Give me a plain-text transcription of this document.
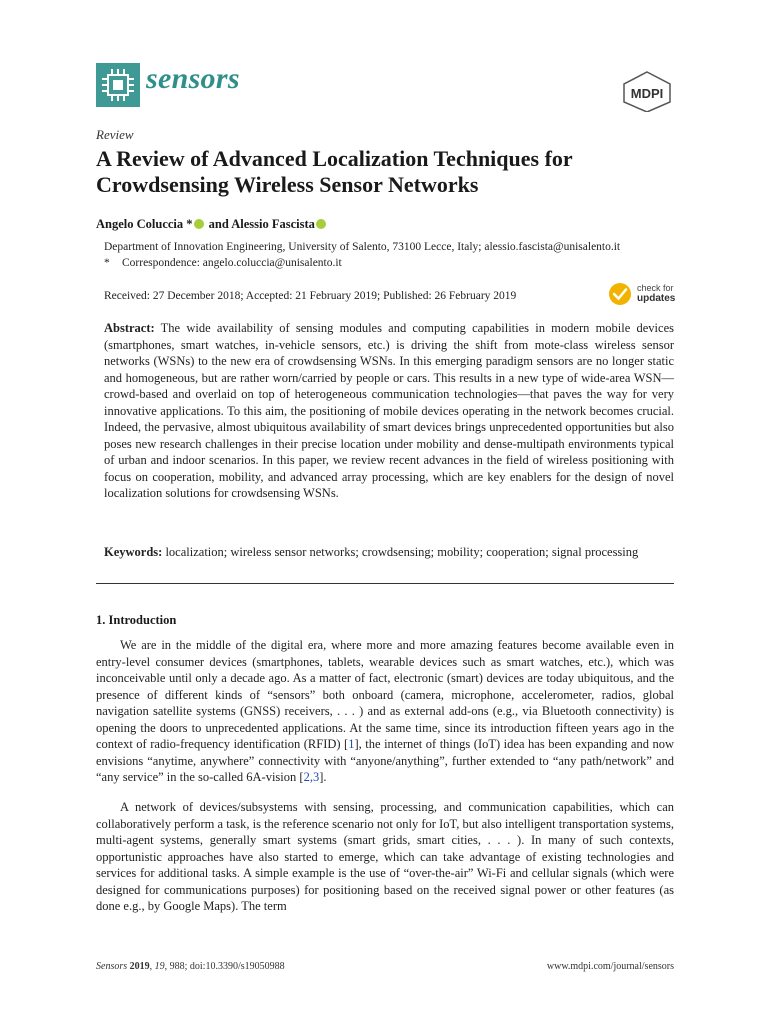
sensors	MDPI
Review
A Review of Advanced Localization Techniques for Crowdsensing Wireless Sensor Networks
Angelo Coluccia * and Alessio Fascista
Department of Innovation Engineering, University of Salento, 73100 Lecce, Italy; alessio.fascista@unisalento.it
* Correspondence: angelo.coluccia@unisalento.it
Received: 27 December 2018; Accepted: 21 February 2019; Published: 26 February 2019
check for
updates
Abstract: The wide availability of sensing modules and computing capabilities in modern mobile devices (smartphones, smart watches, in-vehicle sensors, etc.) is driving the shift from mote-class wireless sensor networks (WSNs) to the new era of crowdsensing WSNs. In this emerging paradigm sensors are no longer static and homogeneous, but are rather worn/carried by people or cars. This results in a new type of wide-area WSN—crowd-based and overlaid on top of heterogeneous communication technologies—that paves the way for very innovative applications. To this aim, the positioning of mobile devices operating in the network becomes crucial. Indeed, the pervasive, almost ubiquitous availability of smart devices brings unprecedented opportunities but also poses new research challenges in their precise location under mobility and dense-multipath environments typical of urban and indoor scenarios. In this paper, we review recent advances in the field of wireless positioning with focus on cooperation, mobility, and advanced array processing, which are key enablers for the design of novel localization solutions for crowdsensing WSNs.
Keywords: localization; wireless sensor networks; crowdsensing; mobility; cooperation; signal processing
1. Introduction

We are in the middle of the digital era, where more and more amazing features become available even in entry-level consumer devices (smartphones, tablets, wearable devices such as smart watches, etc.), which was inconceivable until only a decade ago. As a matter of fact, electronic (smart) devices are today ubiquitous, and the presence of different kinds of “sensors” both onboard (camera, microphone, accelerometer, radios, global navigation satellite systems (GNSS) receivers, . . . ) and as external add-ons (e.g., via Bluetooth connectivity) is opening the doors to unprecedented applications. At the same time, since its introduction fifteen years ago in the context of radio-frequency identification (RFID) [1], the internet of things (IoT) idea has been expanding and now envisions “anytime, anywhere” connectivity with “anyone/anything”, further extended to “any path/network” and “any service” in the so-called 6A-vision [2,3].

A network of devices/subsystems with sensing, processing, and communication capabilities, which can collaboratively perform a task, is the reference scenario not only for IoT, but also intelligent transportation systems, multi-agent systems, generally smart systems (smart grids, smart cities, . . . ). In many of such contexts, opportunistic approaches have also started to emerge, which can take advantage of existing technologies and services for additional tasks. A simple example is the use of “over-the-air” Wi-Fi and cellular signals (which were designed for communications purposes) for positioning based on the received signal power or other features (as done e.g., by Google Maps). The term

Sensors 2019, 19, 988; doi:10.3390/s19050988	www.mdpi.com/journal/sensors
